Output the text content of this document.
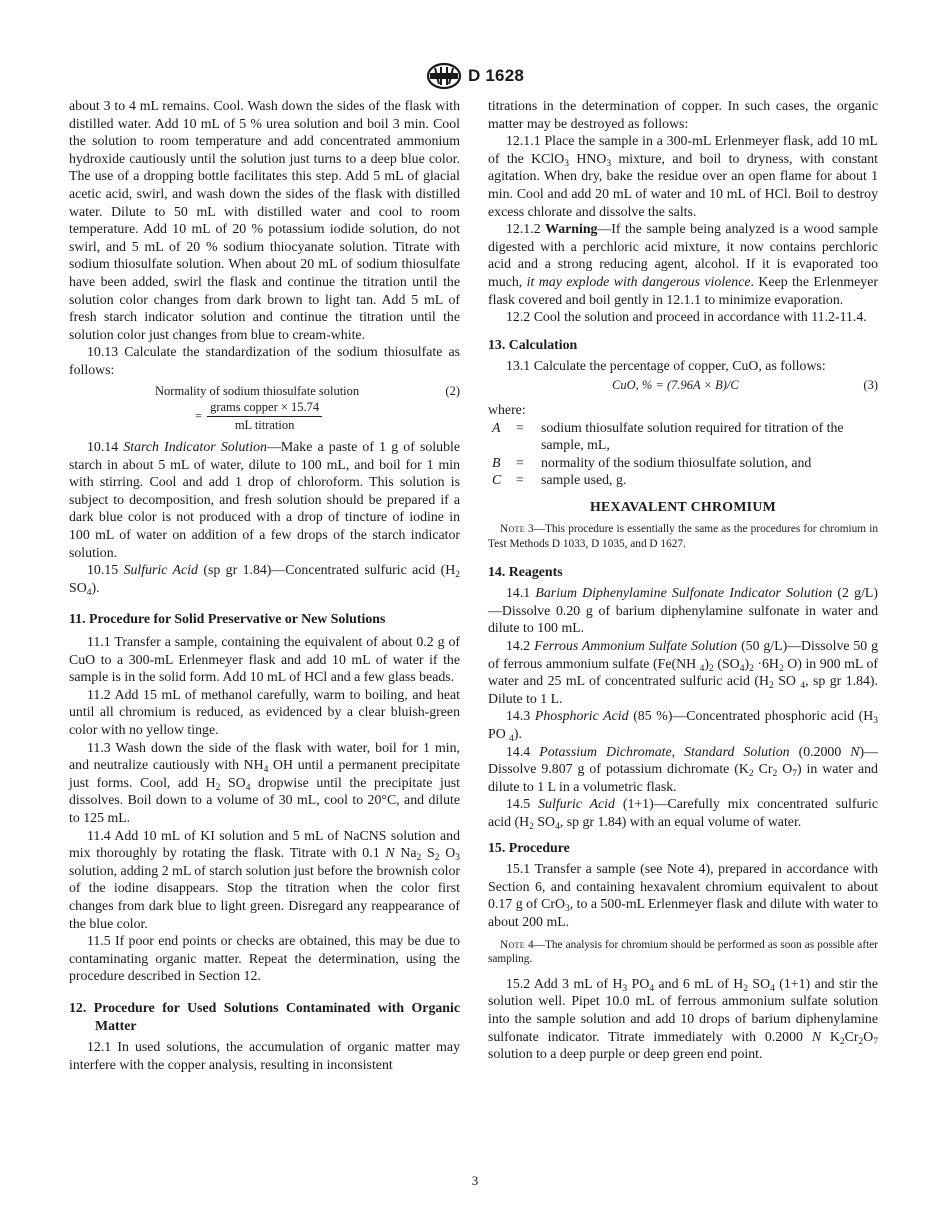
D 1628

about 3 to 4 mL remains. Cool. Wash down the sides of the flask with distilled water. Add 10 mL of 5 % urea solution and boil 3 min. Cool the solution to room temperature and add concentrated ammonium hydroxide cautiously until the solution just turns to a deep blue color. The use of a dropping bottle facilitates this step. Add 5 mL of glacial acetic acid, swirl, and wash down the sides of the flask with distilled water. Dilute to 50 mL with distilled water and cool to room temperature. Add 10 mL of 20 % potassium iodide solution, do not swirl, and 5 mL of 20 % sodium thiocyanate solution. Titrate with sodium thiosulfate solution. When about 20 mL of sodium thiosulfate have been added, swirl the flask and continue the titration until the solution color changes from dark brown to light tan. Add 5 mL of fresh starch indicator solution and continue the titration until the solution color just changes from blue to cream-white.

10.13 Calculate the standardization of the sodium thiosulfate as follows:

Normality of sodium thiosulfate solution	(2)
=
grams copper × 15.74
mL titration

10.14 Starch Indicator Solution—Make a paste of 1 g of soluble starch in about 5 mL of water, dilute to 100 mL, and boil for 1 min with stirring. Cool and add 1 drop of chloroform. This solution is subject to decomposition, and fresh solution should be prepared if a dark blue color is not produced with a drop of tincture of iodine in 100 mL of water on addition of a few drops of the starch indicator solution.

10.15 Sulfuric Acid (sp gr 1.84)—Concentrated sulfuric acid ($H_2$ $SO_4$).

11. Procedure for Solid Preservative or New Solutions

11.1 Transfer a sample, containing the equivalent of about 0.2 g of CuO to a 300-mL Erlenmeyer flask and add 10 mL of water if the sample is in the solid form. Add 10 mL of HCl and a few glass beads.

11.2 Add 15 mL of methanol carefully, warm to boiling, and heat until all chromium is reduced, as evidenced by a clear bluish-green color with no yellow tinge.

11.3 Wash down the side of the flask with water, boil for 1 min, and neutralize cautiously with $NH_4$ OH until a permanent precipitate just forms. Cool, add $H_2$ $SO_4$ dropwise until the precipitate just dissolves. Boil down to a volume of 30 mL, cool to 20°C, and dilute to 125 mL.

11.4 Add 10 mL of KI solution and 5 mL of NaCNS solution and mix thoroughly by rotating the flask. Titrate with 0.1 N $Na_2$ $S_2$ $O_3$ solution, adding 2 mL of starch solution just before the brownish color of the iodine disappears. Stop the titration when the color first changes from dark blue to light green. Disregard any reappearance of the blue color.

11.5 If poor end points or checks are obtained, this may be due to contaminating organic matter. Repeat the determination, using the procedure described in Section 12.

12. Procedure for Used Solutions Contaminated with Organic Matter

12.1 In used solutions, the accumulation of organic matter may interfere with the copper analysis, resulting in inconsistent

titrations in the determination of copper. In such cases, the organic matter may be destroyed as follows:

12.1.1 Place the sample in a 300-mL Erlenmeyer flask, add 10 mL of the KClO$_3$ $HNO_3$ mixture, and boil to dryness, with constant agitation. When dry, bake the residue over an open flame for about 1 min. Cool and add 20 mL of water and 10 mL of HCl. Boil to destroy excess chlorate and dissolve the salts.

12.1.2 Warning—If the sample being analyzed is a wood sample digested with a perchloric acid mixture, it now contains perchloric acid and a strong reducing agent, alcohol. If it is evaporated too much, it may explode with dangerous violence. Keep the Erlenmeyer flask covered and boil gently in 12.1.1 to minimize evaporation.

12.2 Cool the solution and proceed in accordance with 11.2-11.4.

13. Calculation

13.1 Calculate the percentage of copper, CuO, as follows:

CuO, % = (7.96A × B)/C	(3)

where:

A	=	sodium thiosulfate solution required for titration of the sample, mL,
B	=	normality of the sodium thiosulfate solution, and
C	=	sample used, g.

HEXAVALENT CHROMIUM

Note 3—This procedure is essentially the same as the procedures for chromium in Test Methods D 1033, D 1035, and D 1627.

14. Reagents

14.1 Barium Diphenylamine Sulfonate Indicator Solution (2 g/L)—Dissolve 0.20 g of barium diphenylamine sulfonate in water and dilute to 100 mL.

14.2 Ferrous Ammonium Sulfate Solution (50 g/L)—Dissolve 50 g of ferrous ammonium sulfate (Fe(NH $_4)_2$ $(SO_4)_2 \cdot 6H_2$ O) in 900 mL of water and 25 mL of concentrated sulfuric acid ($H_2$ SO $_4$, sp gr 1.84). Dilute to 1 L.

14.3 Phosphoric Acid (85 %)—Concentrated phosphoric acid ($H_3$ PO $_4$).

14.4 Potassium Dichromate, Standard Solution (0.2000 N)—Dissolve 9.807 g of potassium dichromate ($K_2$ $Cr_2$ $O_7$) in water and dilute to 1 L in a volumetric flask.

14.5 Sulfuric Acid (1+1)—Carefully mix concentrated sulfuric acid ($H_2$ $SO_4$, sp gr 1.84) with an equal volume of water.

15. Procedure

15.1 Transfer a sample (see Note 4), prepared in accordance with Section 6, and containing hexavalent chromium equivalent to about 0.17 g of CrO$_3$, to a 500-mL Erlenmeyer flask and dilute with water to about 200 mL.

Note 4—The analysis for chromium should be performed as soon as possible after sampling.

15.2 Add 3 mL of $H_3$ $PO_4$ and 6 mL of $H_2$ $SO_4$ (1+1) and stir the solution well. Pipet 10.0 mL of ferrous ammonium sulfate solution into the sample solution and add 10 drops of barium diphenylamine sulfonate indicator. Titrate immediately with 0.2000 N $K_2Cr_2O_7$ solution to a deep purple or deep green end point.

3
